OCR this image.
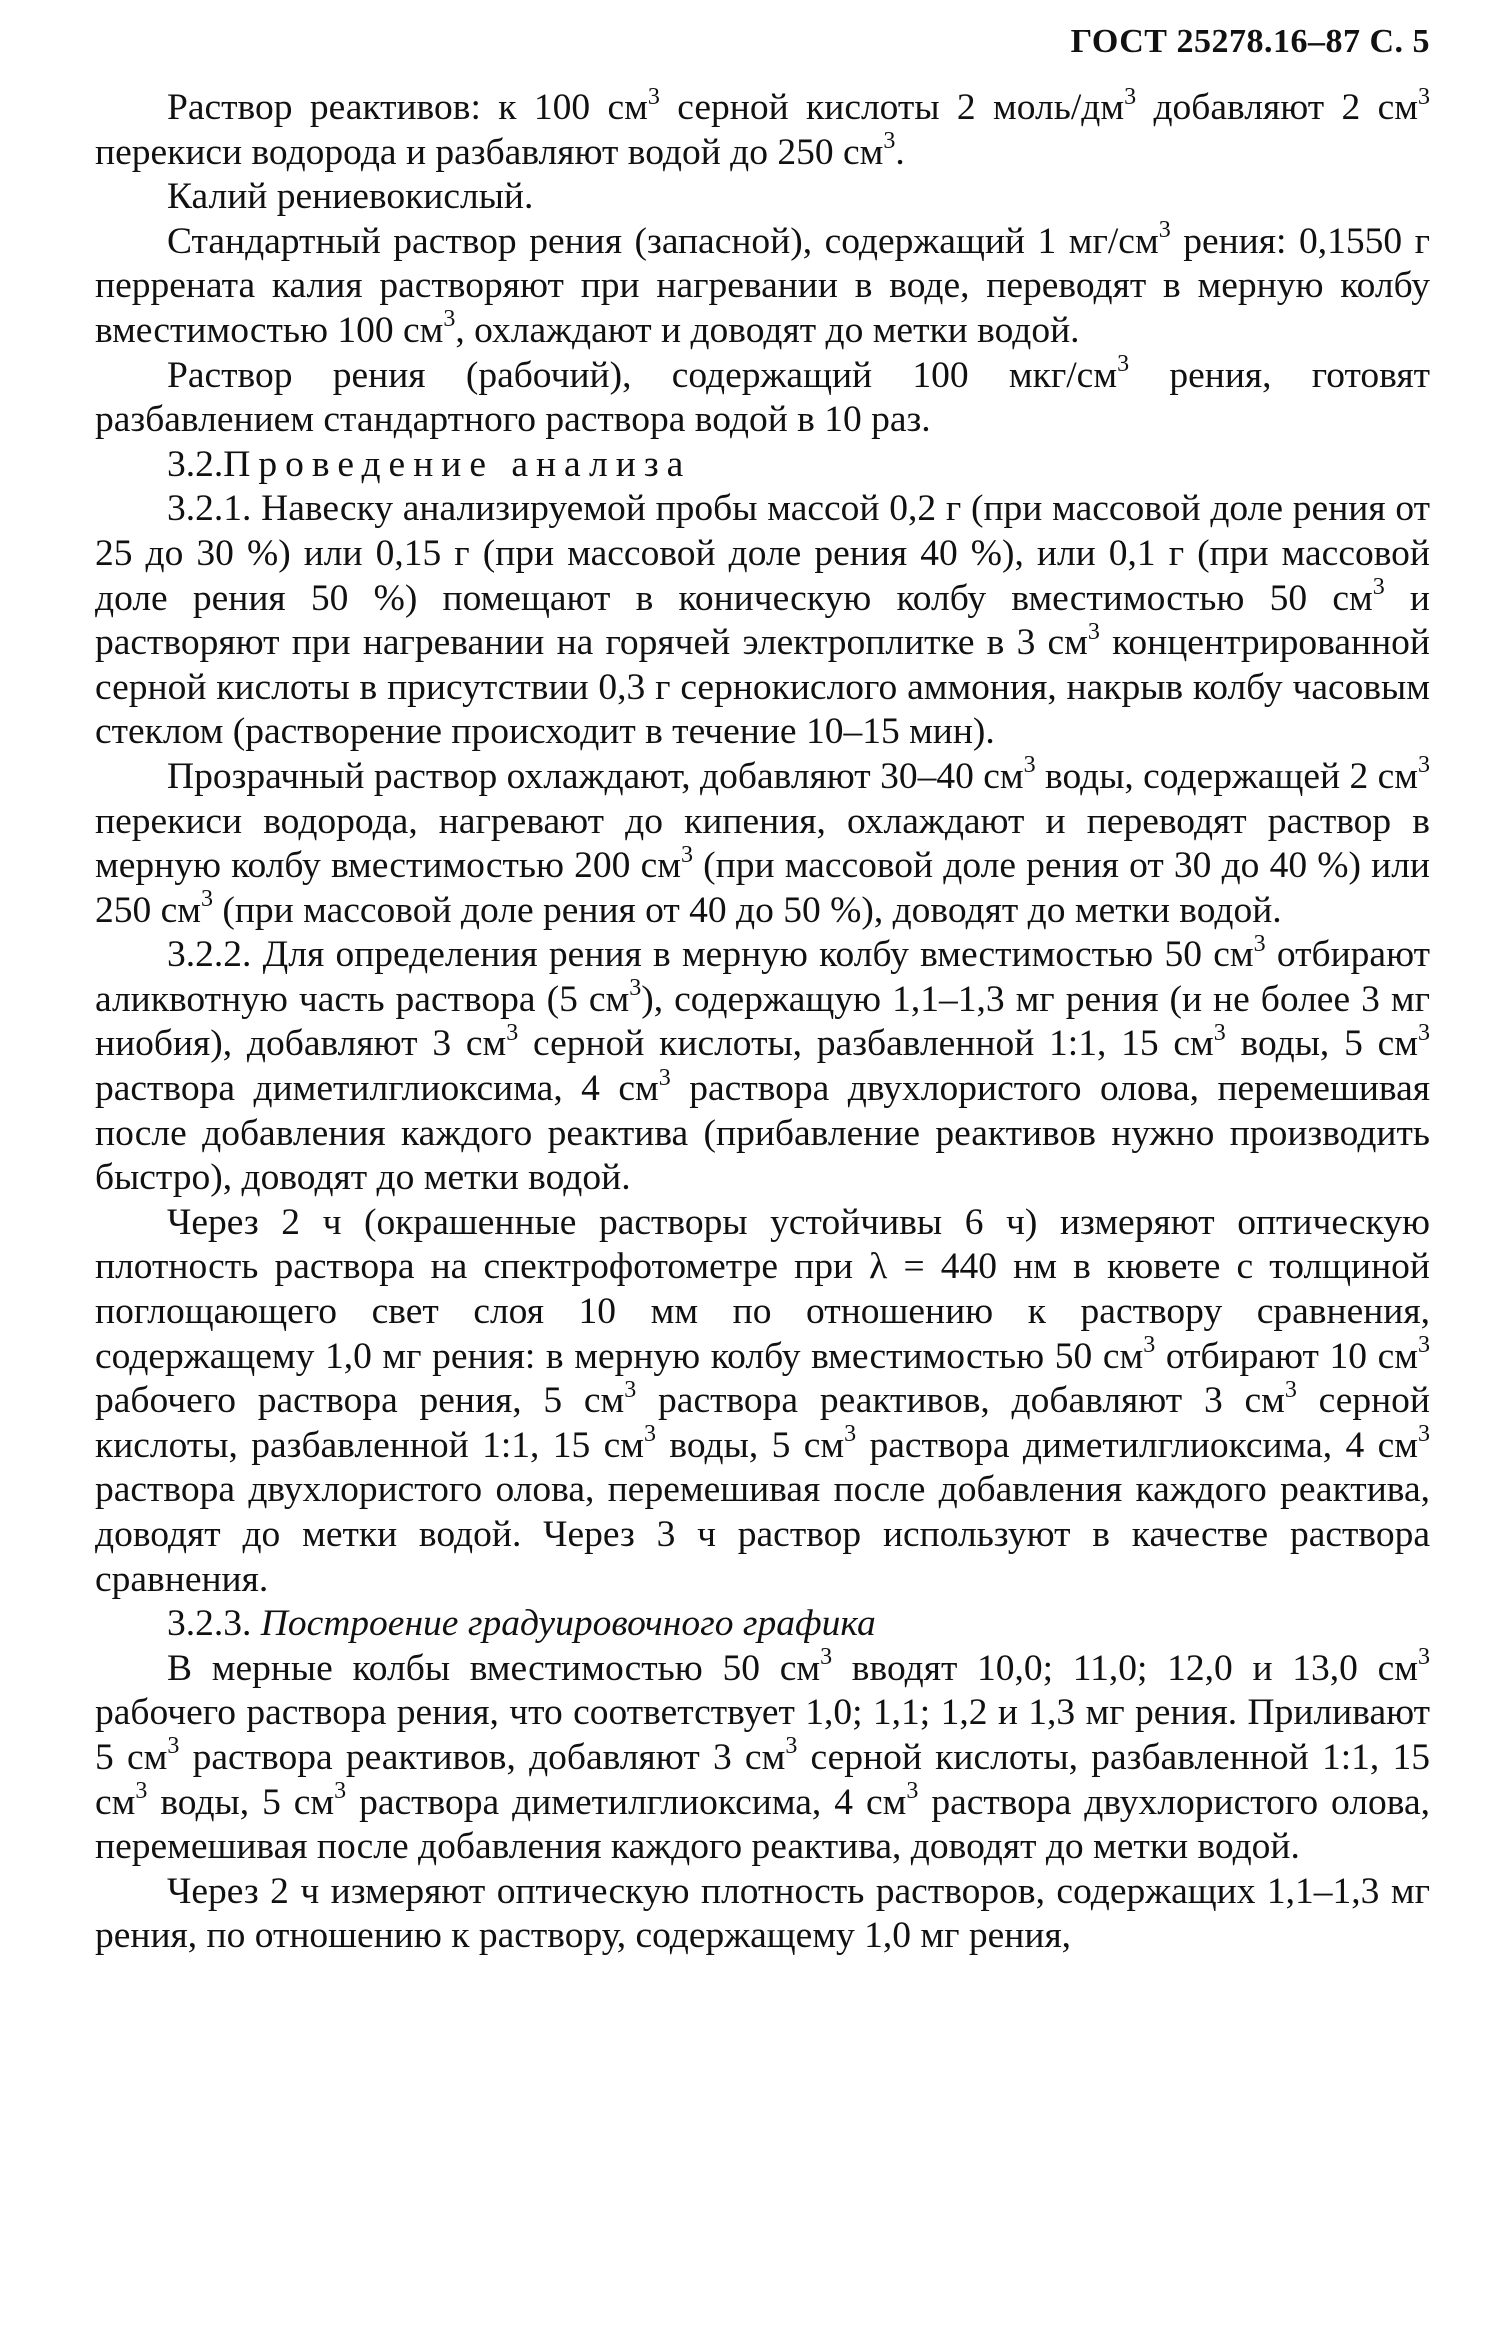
ГОСТ 25278.16–87 С. 5

Раствор реактивов: к 100 $см^3$ серной кислоты 2 моль/$дм^3$ добавляют 2 $см^3$ перекиси водорода и разбавляют водой до 250 $см^3$.

Калий рениевокислый.

Стандартный раствор рения (запасной), содержащий 1 $мг/см^3$ рения: 0,1550 г перрената калия растворяют при нагревании в воде, переводят в мерную колбу вместимостью 100 $см^3$, охлаждают и доводят до метки водой.

Раствор рения (рабочий), содержащий 100 мкг/$см^3$ рения, готовят разбавлением стандартного раствора водой в 10 раз.

3.2.Проведение анализа

3.2.1. Навеску анализируемой пробы массой 0,2 г (при массовой доле рения от 25 до 30 %) или 0,15 г (при массовой доле рения 40 %), или 0,1 г (при массовой доле рения 50 %) помещают в коническую колбу вместимостью 50 $см^3$ и растворяют при нагревании на горячей электроплитке в 3 $см^3$ концентрированной серной кислоты в присутствии 0,3 г сернокислого аммония, накрыв колбу часовым стеклом (растворение происходит в течение 10–15 мин).

Прозрачный раствор охлаждают, добавляют 30–40 $см^3$ воды, содержащей 2 $см^3$ перекиси водорода, нагревают до кипения, охлаждают и переводят раствор в мерную колбу вместимостью 200 $см^3$ (при массовой доле рения от 30 до 40 %) или 250 $см^3$ (при массовой доле рения от 40 до 50 %), доводят до метки водой.

3.2.2. Для определения рения в мерную колбу вместимостью 50 $см^3$ отбирают аликвотную часть раствора (5 $см^3$), содержащую 1,1–1,3 мг рения (и не более 3 мг ниобия), добавляют 3 $см^3$ серной кислоты, разбавленной 1:1, 15 $см^3$ воды, 5 $см^3$ раствора диметилглиоксима, 4 $см^3$ раствора двухлористого олова, перемешивая после добавления каждого реактива (прибавление реактивов нужно производить быстро), доводят до метки водой.

Через 2 ч (окрашенные растворы устойчивы 6 ч) измеряют оптическую плотность раствора на спектрофотометре при λ = 440 нм в кювете с толщиной поглощающего свет слоя 10 мм по отношению к раствору сравнения, содержащему 1,0 мг рения: в мерную колбу вместимостью 50 $см^3$ отбирают 10 $см^3$ рабочего раствора рения, 5 $см^3$ раствора реактивов, добавляют 3 $см^3$ серной кислоты, разбавленной 1:1, 15 $см^3$ воды, 5 $см^3$ раствора диметилглиоксима, 4 $см^3$ раствора двухлористого олова, перемешивая после добавления каждого реактива, доводят до метки водой. Через 3 ч раствор используют в качестве раствора сравнения.

3.2.3. Построение градуировочного графика

В мерные колбы вместимостью 50 $см^3$ вводят 10,0; 11,0; 12,0 и 13,0 $см^3$ рабочего раствора рения, что соответствует 1,0; 1,1; 1,2 и 1,3 мг рения. Приливают 5 $см^3$ раствора реактивов, добавляют 3 $см^3$ серной кислоты, разбавленной 1:1, 15 $см^3$ воды, 5 $см^3$ раствора диметилглиоксима, 4 $см^3$ раствора двухлористого олова, перемешивая после добавления каждого реактива, доводят до метки водой.

Через 2 ч измеряют оптическую плотность растворов, содержащих 1,1–1,3 мг рения, по отношению к раствору, содержащему 1,0 мг рения,
